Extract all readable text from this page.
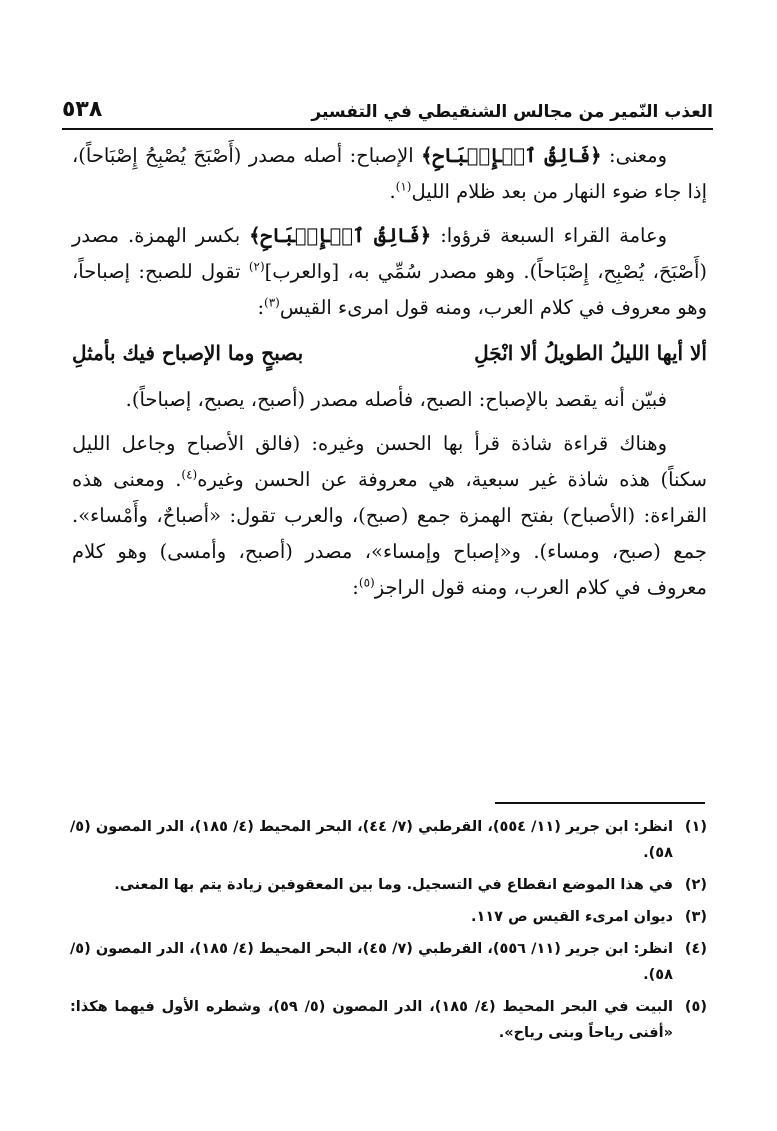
العذب النّمير من مجالس الشنقيطي في التفسير
٥٣٨

ومعنى: ﴿فَالِقُ ٱلۡإِصۡبَاحِ﴾ الإصباح: أصله مصدر (أَصْبَحَ يُصْبِحُ إِصْبَاحاً)، إذا جاء ضوء النهار من بعد ظلام الليل$^{(١)}$.

وعامة القراء السبعة قرؤوا: ﴿فَالِقُ ٱلۡإِصۡبَاحِ﴾ بكسر الهمزة. مصدر (أَصْبَحَ، يُصْبِح، إِصْبَاحاً). وهو مصدر سُمِّي به، [والعرب]$^{(٢)}$ تقول للصبح: إصباحاً، وهو معروف في كلام العرب، ومنه قول امرىء القيس$^{(٣)}$:

ألا أيها الليلُ الطويلُ ألا انْجَلِ
بصبحٍ وما الإصباح فيك بأمثلِ

فبيّن أنه يقصد بالإصباح: الصبح، فأصله مصدر (أصبح، يصبح، إصباحاً).

وهناك قراءة شاذة قرأ بها الحسن وغيره: (فالق الأصباح وجاعل الليل سكناً) هذه شاذة غير سبعية، هي معروفة عن الحسن وغيره$^{(٤)}$. ومعنى هذه القراءة: (الأصباح) بفتح الهمزة جمع (صبح)، والعرب تقول: «أصباحٌ، وأَمْساء». جمع (صبح، ومساء). و«إصباح وإمساء»، مصدر (أصبح، وأمسى) وهو كلام معروف في كلام العرب، ومنه قول الراجز$^{(٥)}$:

(١)
انظر: ابن جرير (١١/ ٥٥٤)، القرطبي (٧/ ٤٤)، البحر المحيط (٤/ ١٨٥)، الدر المصون (٥/ ٥٨).
(٢)
في هذا الموضع انقطاع في التسجيل. وما بين المعقوفين زيادة يتم بها المعنى.
(٣)
ديوان امرىء القيس ص ١١٧.
(٤)
انظر: ابن جرير (١١/ ٥٥٦)، القرطبي (٧/ ٤٥)، البحر المحيط (٤/ ١٨٥)، الدر المصون (٥/ ٥٨).
(٥)
البيت في البحر المحيط (٤/ ١٨٥)، الدر المصون (٥/ ٥٩)، وشطره الأول فيهما هكذا: «أفنى رياحاً وبنى رياح».
